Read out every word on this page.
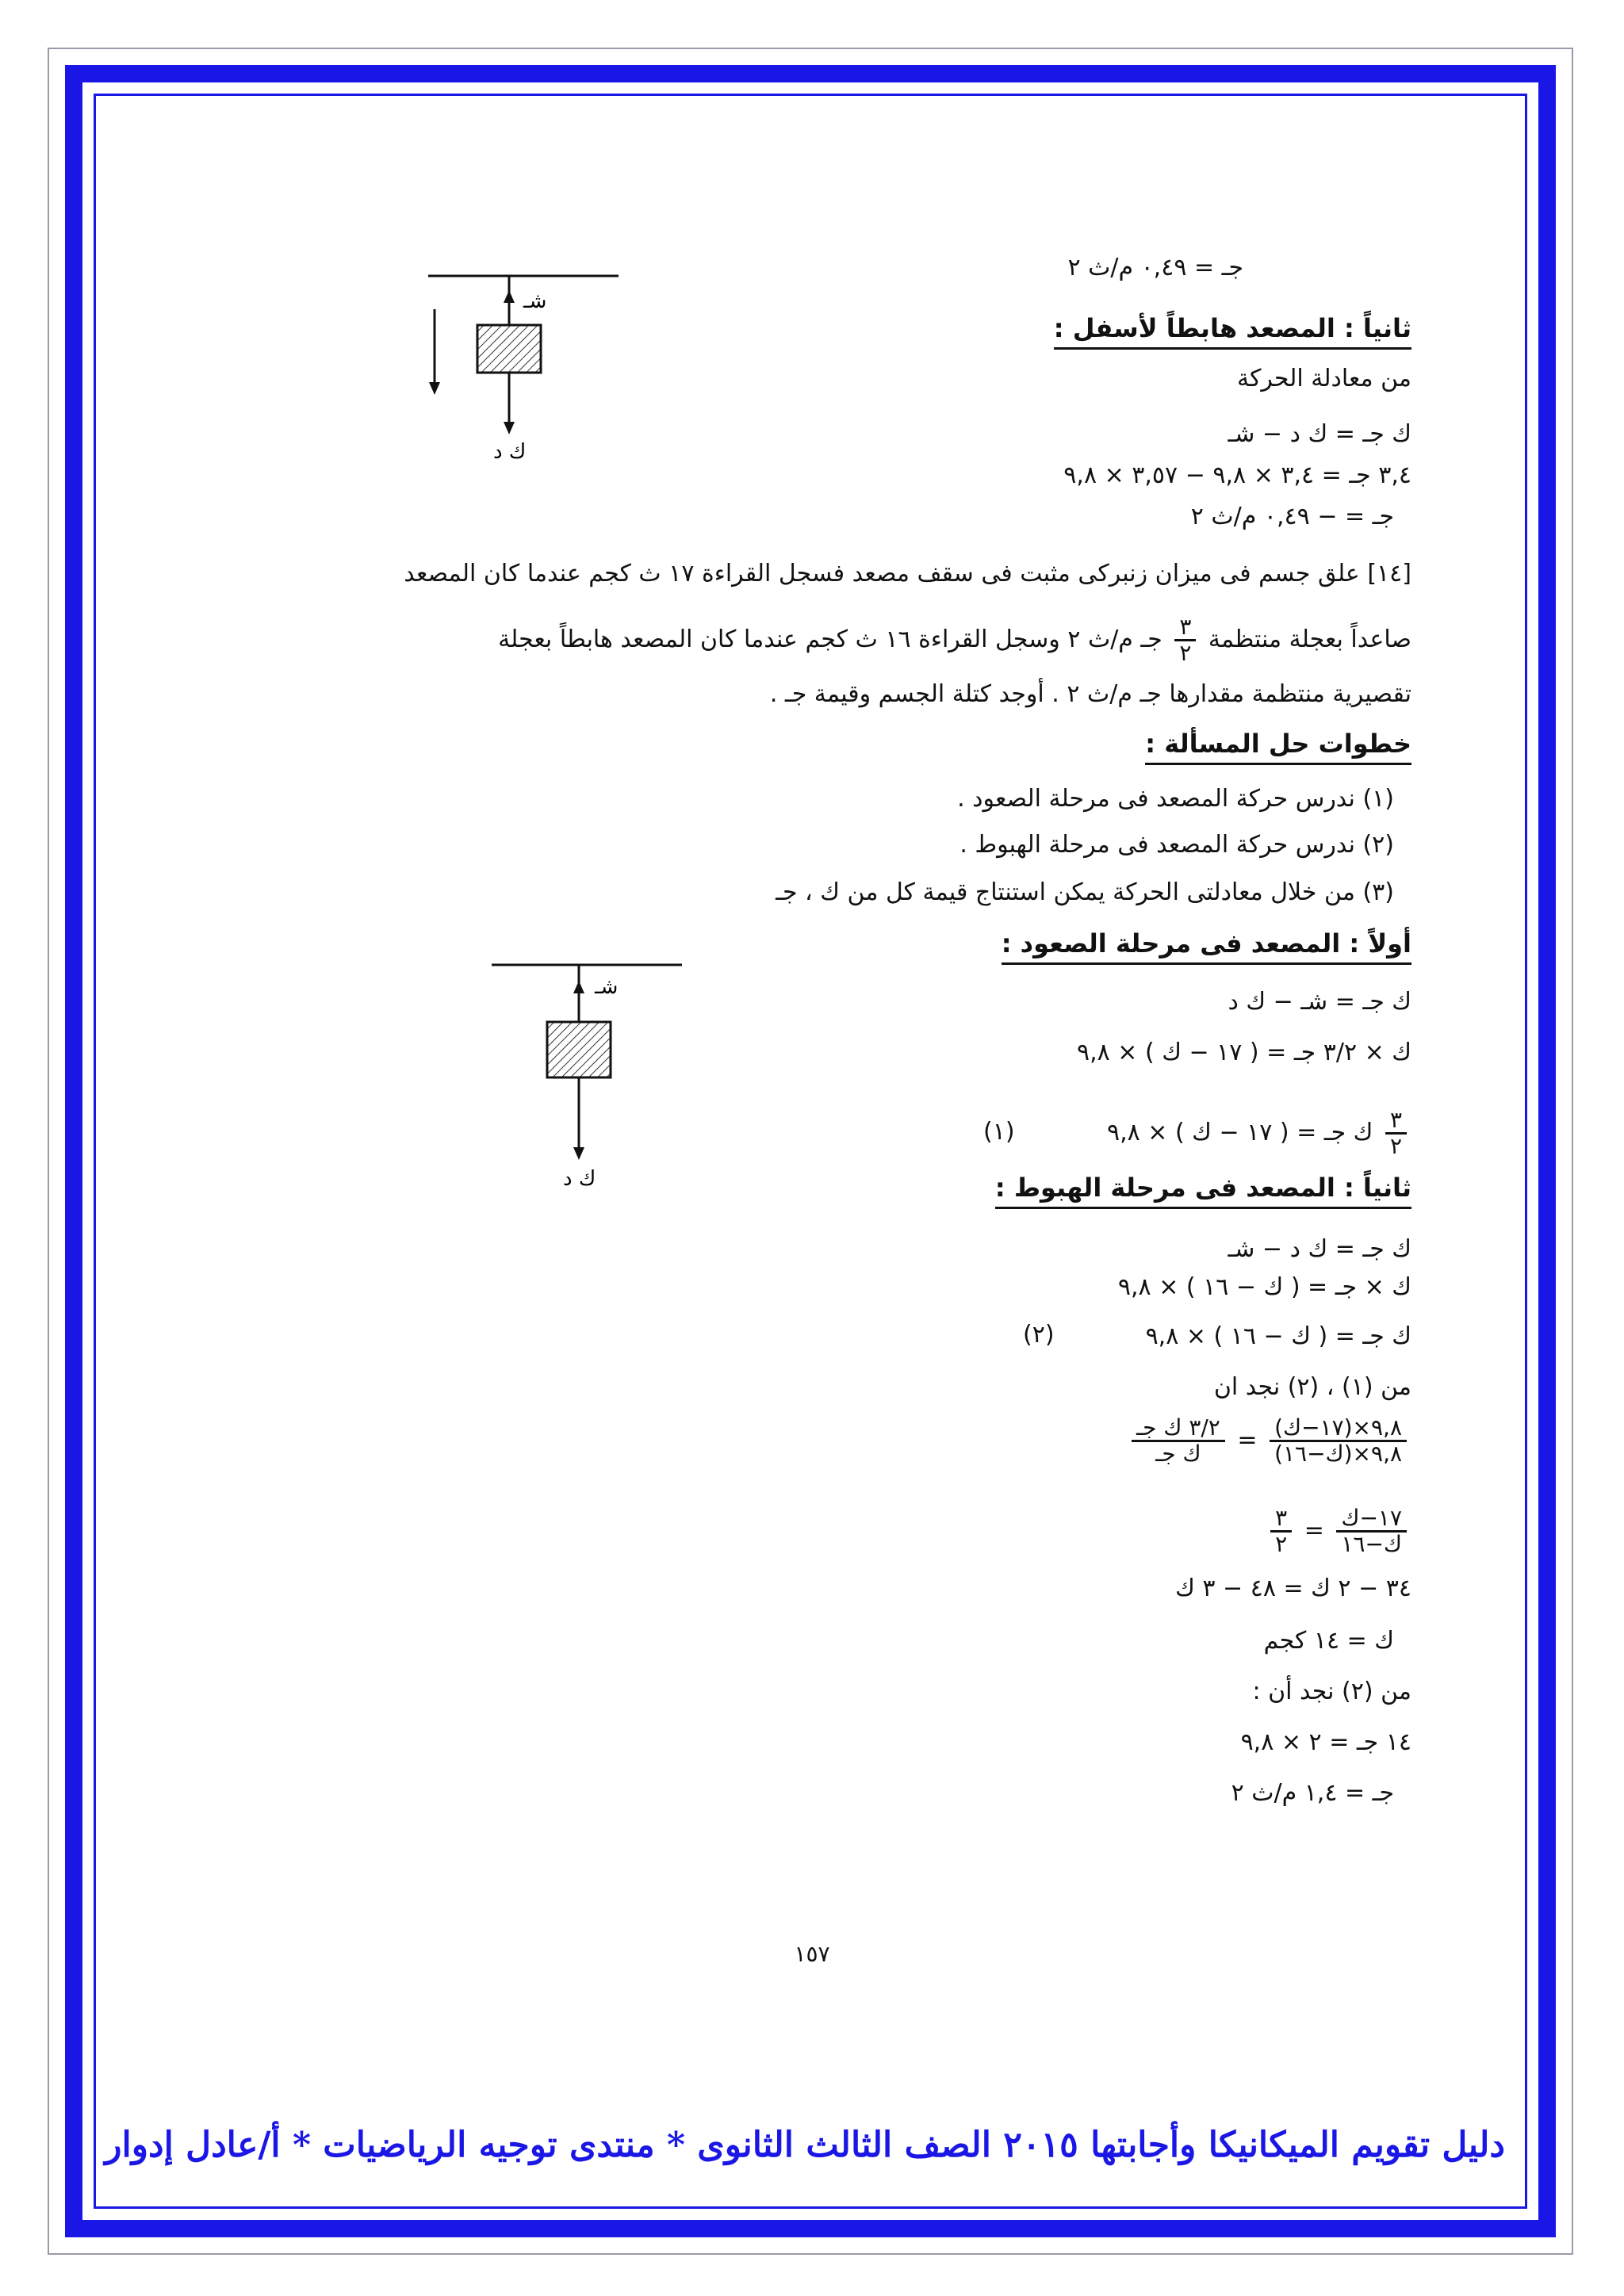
جـ = ٠,٤٩ م/ث ٢
ثانياً : المصعد هابطاً لأسفل :
من معادلة الحركة
ك جـ = ك د − شـ
٣,٤ جـ = ٣,٤ × ٩,٨ − ٣,٥٧ × ٩,٨
جـ = − ٠,٤٩ م/ث ٢
شـ
ك د
[١٤] علق جسم فى ميزان زنبركى مثبت فى سقف مصعد فسجل القراءة ١٧ ث كجم عندما كان المصعد
صاعداً بعجلة منتظمة
$\frac{٣}{٢}$
جـ م/ث ٢ وسجل القراءة ١٦ ث كجم عندما كان المصعد هابطاً بعجلة
تقصيرية منتظمة مقدارها جـ م/ث ٢ . أوجد كتلة الجسم وقيمة جـ .
خطوات حل المسألة :
(١) ندرس حركة المصعد فى مرحلة الصعود .
(٢) ندرس حركة المصعد فى مرحلة الهبوط .
(٣) من خلال معادلتى الحركة يمكن استنتاج قيمة كل من ك ، جـ
أولاً : المصعد فى مرحلة الصعود :
ك جـ = شـ − ك د
ك × ٣/٢ جـ = ( ١٧ − ك ) × ٩,٨
$\frac{٣}{٢}$
ك جـ = ( ١٧ − ك ) × ٩,٨
(١)
شـ
ك د	ثانياً : المصعد فى مرحلة الهبوط :
ك جـ = ك د − شـ
ك × جـ = ( ك − ١٦ ) × ٩,٨
ك جـ = ( ك − ١٦ ) × ٩,٨
(٢)
من (١) ، (٢) نجد ان
$\frac{\text{٣/٢ ك جـ}}{\text{ك جـ}} = \frac{\text{٩,٨×(١٧−ك)}}{\text{٩,٨×(ك−١٦)}}$
$\frac{٣}{٢} = \frac{\text{١٧−ك}}{\text{ك−١٦}}$
٣٤ − ٢ ك = ٤٨ − ٣ ك
ك = ١٤ كجم
من (٢) نجد أن :
١٤ جـ = ٢ × ٩,٨
جـ = ١,٤ م/ث ٢
١٥٧
دليل تقويم الميكانيكا وأجابتها ٢٠١٥ الصف الثالث الثانوى * منتدى توجيه الرياضيات * أ/عادل إدوار
